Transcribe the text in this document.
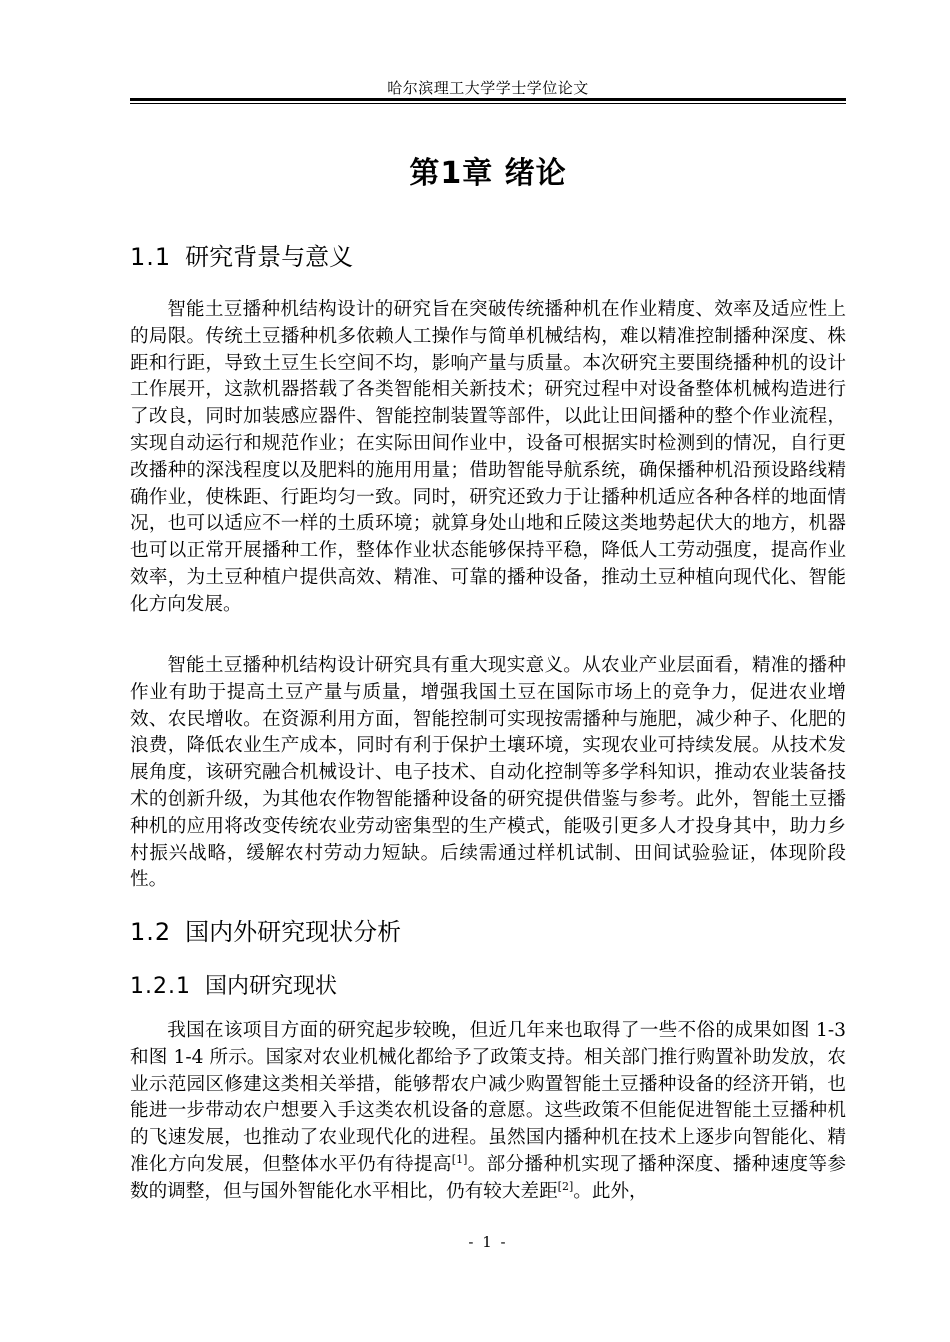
哈尔滨理工大学学士学位论文
第1章 绪论
1.1 研究背景与意义

智能土豆播种机结构设计的研究旨在突破传统播种机在作业精度、效率及适应性上的局限。传统土豆播种机多依赖人工操作与简单机械结构，难以精准控制播种深度、株距和行距，导致土豆生长空间不均，影响产量与质量。本次研究主要围绕播种机的设计工作展开，这款机器搭载了各类智能相关新技术；研究过程中对设备整体机械构造进行了改良，同时加装感应器件、智能控制装置等部件，以此让田间播种的整个作业流程，实现自动运行和规范作业；在实际田间作业中，设备可根据实时检测到的情况，自行更改播种的深浅程度以及肥料的施用用量；借助智能导航系统，确保播种机沿预设路线精确作业，使株距、行距均匀一致。同时，研究还致力于让播种机适应各种各样的地面情况，也可以适应不一样的土质环境；就算身处山地和丘陵这类地势起伏大的地方，机器也可以正常开展播种工作，整体作业状态能够保持平稳，降低人工劳动强度，提高作业效率，为土豆种植户提供高效、精准、可靠的播种设备，推动土豆种植向现代化、智能化方向发展。

智能土豆播种机结构设计研究具有重大现实意义。从农业产业层面看，精准的播种作业有助于提高土豆产量与质量，增强我国土豆在国际市场上的竞争力，促进农业增效、农民增收。在资源利用方面，智能控制可实现按需播种与施肥，减少种子、化肥的浪费，降低农业生产成本，同时有利于保护土壤环境，实现农业可持续发展。从技术发展角度，该研究融合机械设计、电子技术、自动化控制等多学科知识，推动农业装备技术的创新升级，为其他农作物智能播种设备的研究提供借鉴与参考。此外，智能土豆播种机的应用将改变传统农业劳动密集型的生产模式，能吸引更多人才投身其中，助力乡村振兴战略，缓解农村劳动力短缺。后续需通过样机试制、田间试验验证，体现阶段性。

1.2 国内外研究现状分析
1.2.1 国内研究现状

我国在该项目方面的研究起步较晚，但近几年来也取得了一些不俗的成果如图 1-3 和图 1-4 所示。国家对农业机械化都给予了政策支持。相关部门推行购置补助发放，农业示范园区修建这类相关举措，能够帮农户减少购置智能土豆播种设备的经济开销，也能进一步带动农户想要入手这类农机设备的意愿。这些政策不但能促进智能土豆播种机的飞速发展，也推动了农业现代化的进程。虽然国内播种机在技术上逐步向智能化、精准化方向发展，但整体水平仍有待提高[1]。部分播种机实现了播种深度、播种速度等参数的调整，但与国外智能化水平相比，仍有较大差距[2]。此外，

- 1 -
